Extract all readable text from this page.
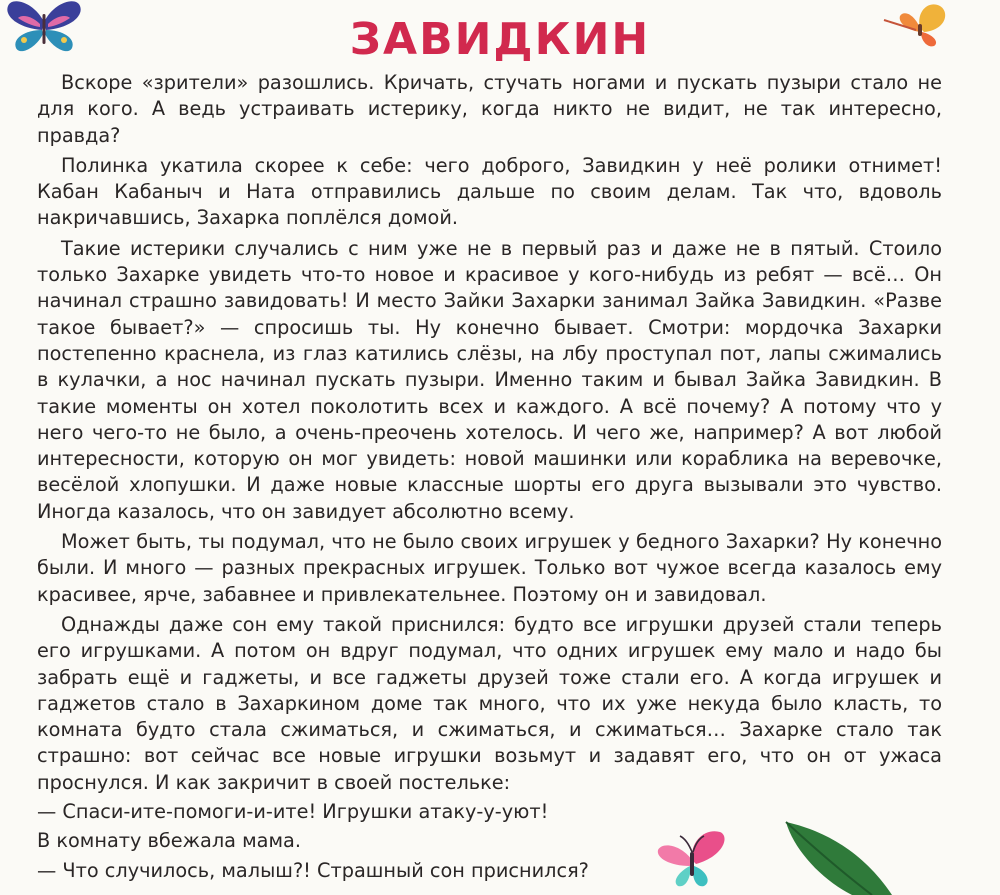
ЗАВИДКИН

Вскоре «зрители» разошлись. Кричать, стучать ногами и пускать пузыри стало не для кого. А ведь устраивать истерику, когда никто не видит, не так интересно, правда?

Полинка укатила скорее к себе: чего доброго, Завидкин у неё ролики отнимет! Кабан Кабаныч и Ната отправились дальше по своим делам. Так что, вдоволь накричавшись, Захарка поплёлся домой.

Такие истерики случались с ним уже не в первый раз и даже не в пятый. Стоило только Захарке увидеть что-то новое и красивое у кого-нибудь из ребят — всё… Он начинал страшно завидовать! И место Зайки Захарки занимал Зайка Завидкин. «Разве такое бывает?» — спросишь ты. Ну конечно бывает. Смотри: мордочка Захарки постепенно краснела, из глаз катились слёзы, на лбу проступал пот, лапы сжимались в кулачки, а нос начинал пускать пузыри. Именно таким и бывал Зайка Завидкин. В такие моменты он хотел поколотить всех и каждого. А всё почему? А потому что у него чего-то не было, а очень-преочень хотелось. И чего же, например? А вот любой интересности, которую он мог увидеть: новой машинки или кораблика на веревочке, весёлой хлопушки. И даже новые классные шорты его друга вызывали это чувство. Иногда казалось, что он завидует абсолютно всему.

Может быть, ты подумал, что не было своих игрушек у бедного Захарки? Ну конечно были. И много — разных прекрасных игрушек. Только вот чужое всегда казалось ему красивее, ярче, забавнее и привлекательнее. Поэтому он и завидовал.

Однажды даже сон ему такой приснился: будто все игрушки друзей стали теперь его игрушками. А потом он вдруг подумал, что одних игрушек ему мало и надо бы забрать ещё и гаджеты, и все гаджеты друзей тоже стали его. А когда игрушек и гаджетов стало в Захаркином доме так много, что их уже некуда было класть, то комната будто стала сжиматься, и сжиматься, и сжиматься… Захарке стало так страшно: вот сейчас все новые игрушки возьмут и задавят его, что он от ужаса проснулся. И как закричит в своей постельке:

— Спаси-ите-помоги-и-ите! Игрушки атаку-у-уют!

В комнату вбежала мама.

— Что случилось, малыш?! Страшный сон приснился?
